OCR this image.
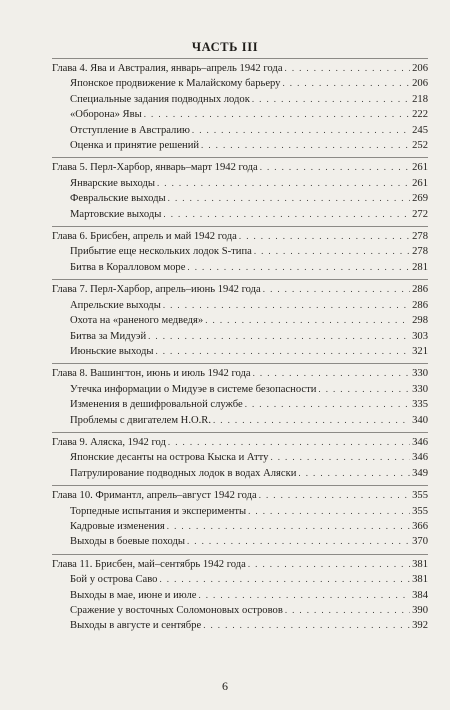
ЧАСТЬ III
Глава 4. Ява и Австралия, январь–апрель 1942 года . . .	206
Японское продвижение к Малайскому барьеру . . .	206
Специальные задания подводных лодок . . .	218
«Оборона» Явы . . .	222
Отступление в Австралию . . .	245
Оценка и принятие решений . . .	252
Глава 5. Перл-Харбор, январь–март 1942 года . . .	261
Январские выходы . . .	261
Февральские выходы . . .	269
Мартовские выходы . . .	272
Глава 6. Брисбен, апрель и май 1942 года . . .	278
Прибытие еще нескольких лодок S-типа . . .	278
Битва в Коралловом море . . .	281
Глава 7. Перл-Харбор, апрель–июнь 1942 года . . .	286
Апрельские выходы . . .	286
Охота на «раненого медведя» . . .	298
Битва за Мидуэй . . .	303
Июньские выходы . . .	321
Глава 8. Вашингтон, июнь и июль 1942 года . . .	330
Утечка информации о Мидуэе в системе безопасности . . .	330
Изменения в дешифровальной службе . . .	335
Проблемы с двигателем H.O.R. . . .	340
Глава 9. Аляска, 1942 год . . .	346
Японские десанты на острова Кыска и Атту . . .	346
Патрулирование подводных лодок в водах Аляски . . .	349
Глава 10. Фримантл, апрель–август 1942 года . . .	355
Торпедные испытания и эксперименты . . .	355
Кадровые изменения . . .	366
Выходы в боевые походы . . .	370
Глава 11. Брисбен, май–сентябрь 1942 года . . .	381
Бой у острова Саво . . .	381
Выходы в мае, июне и июле . . .	384
Сражение у восточных Соломоновых островов . . .	390
Выходы в августе и сентябре . . .	392
6
